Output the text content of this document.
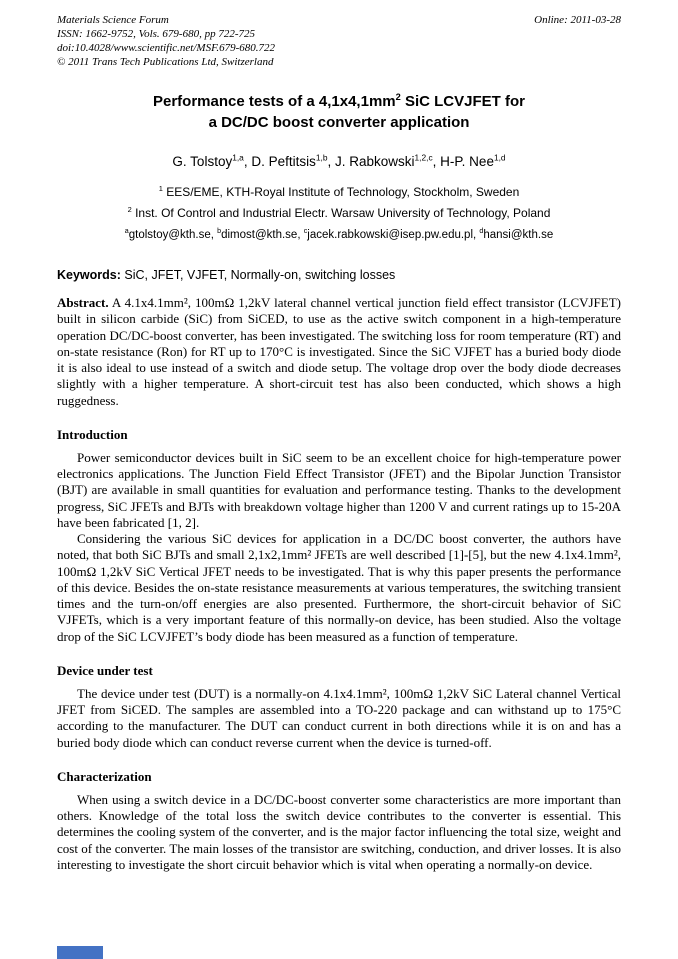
Materials Science Forum	Online: 2011-03-28
ISSN: 1662-9752, Vols. 679-680, pp 722-725
doi:10.4028/www.scientific.net/MSF.679-680.722
© 2011 Trans Tech Publications Ltd, Switzerland
Performance tests of a $4,1x4,1mm^2$ SiC LCVJFET for
a DC/DC boost converter application
G. Tolstoy$^{1,a}$, D. Peftitsis$^{1,b}$, J. Rabkowski$^{1,2,c}$, H-P. Nee$^{1,d}$
$^1$ EES/EME, KTH-Royal Institute of Technology, Stockholm, Sweden
$^2$ Inst. Of Control and Industrial Electr. Warsaw University of Technology, Poland
$^a$gtolstoy@kth.se, $^b$dimost@kth.se, $^c$jacek.rabkowski@isep.pw.edu.pl, $^d$hansi@kth.se

Keywords: SiC, JFET, VJFET, Normally-on, switching losses

Abstract. A 4.1x4.1mm², 100mΩ 1,2kV lateral channel vertical junction field effect transistor (LCVJFET) built in silicon carbide (SiC) from SiCED, to use as the active switch component in a high-temperature operation DC/DC-boost converter, has been investigated. The switching loss for room temperature (RT) and on-state resistance (Ron) for RT up to 170°C is investigated. Since the SiC VJFET has a buried body diode it is also ideal to use instead of a switch and diode setup. The voltage drop over the body diode decreases slightly with a higher temperature. A short-circuit test has also been conducted, which shows a high ruggedness.

Introduction

Power semiconductor devices built in SiC seem to be an excellent choice for high-temperature power electronics applications. The Junction Field Effect Transistor (JFET) and the Bipolar Junction Transistor (BJT) are available in small quantities for evaluation and performance testing. Thanks to the development progress, SiC JFETs and BJTs with breakdown voltage higher than 1200 V and current ratings up to 15-20A have been fabricated [1, 2].

Considering the various SiC devices for application in a DC/DC boost converter, the authors have noted, that both SiC BJTs and small 2,1x2,1mm² JFETs are well described [1]-[5], but the new 4.1x4.1mm², 100mΩ 1,2kV SiC Vertical JFET needs to be investigated. That is why this paper presents the performance of this device. Besides the on-state resistance measurements at various temperatures, the switching transient times and the turn-on/off energies are also presented. Furthermore, the short-circuit behavior of SiC VJFETs, which is a very important feature of this normally-on device, has been studied. Also the voltage drop of the SiC LCVJFET’s body diode has been measured as a function of temperature.

Device under test

The device under test (DUT) is a normally-on 4.1x4.1mm², 100mΩ 1,2kV SiC Lateral channel Vertical JFET from SiCED. The samples are assembled into a TO-220 package and can withstand up to 175°C according to the manufacturer. The DUT can conduct current in both directions while it is on and has a buried body diode which can conduct reverse current when the device is turned-off.

Characterization

When using a switch device in a DC/DC-boost converter some characteristics are more important than others. Knowledge of the total loss the switch device contributes to the converter is essential. This determines the cooling system of the converter, and is the major factor influencing the total size, weight and cost of the converter. The main losses of the transistor are switching, conduction, and driver losses. It is also interesting to investigate the short circuit behavior which is vital when operating a normally-on device.
